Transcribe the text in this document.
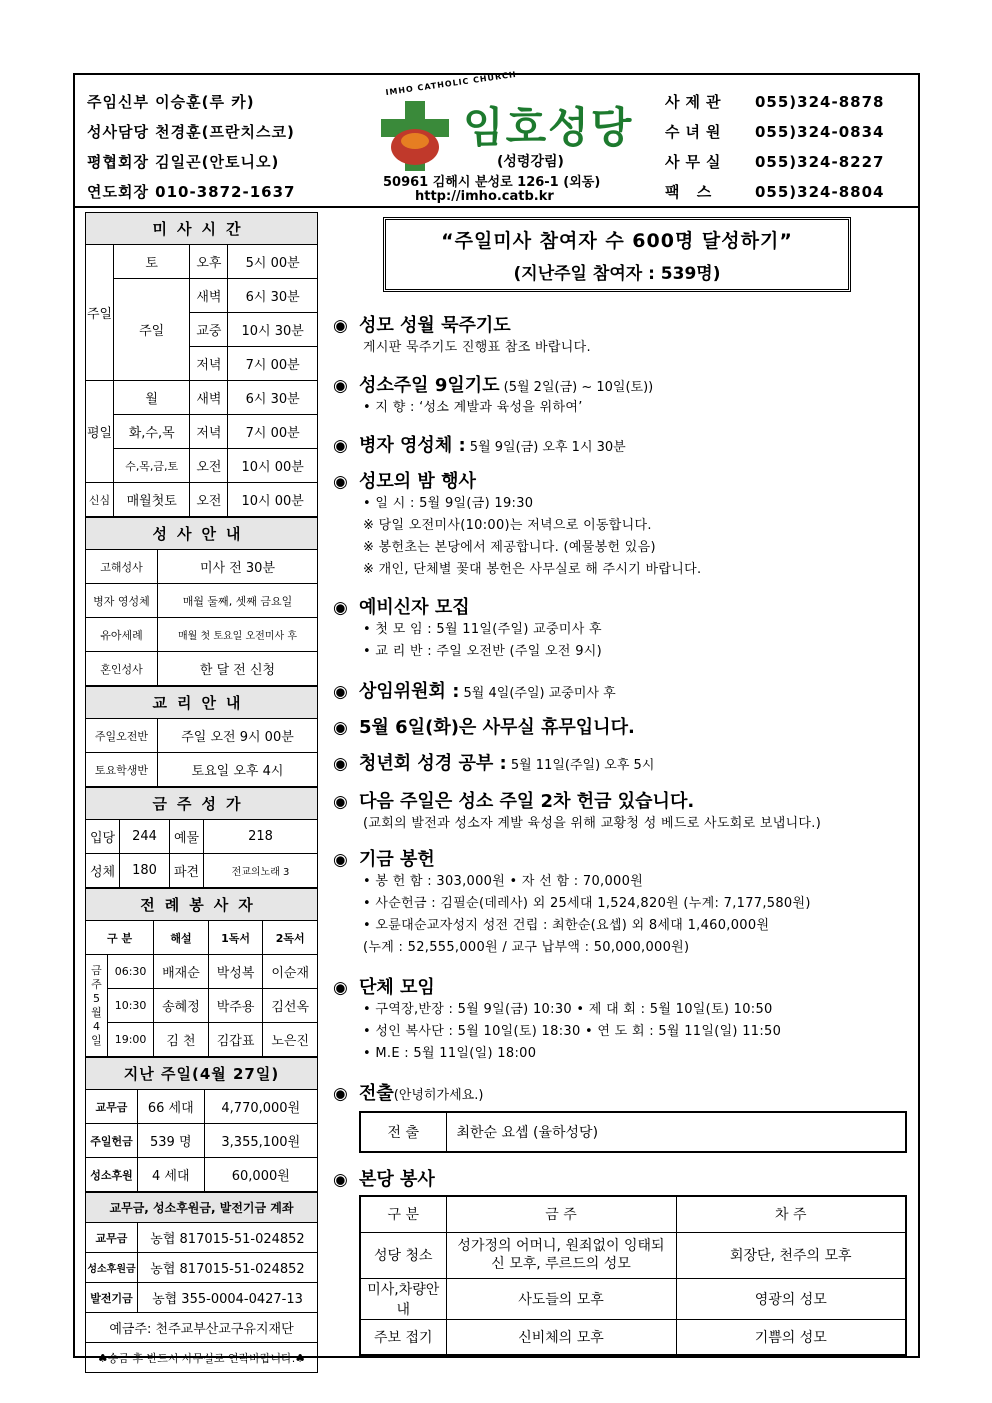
주임신부 이승훈(루 카)
성사담당 천경훈(프란치스코)
평협회장 김일곤(안토니오)
연도회장 010-3872-1637
IMHO CATHOLIC CHURCH
임호성당
(성령강림)
50961 김해시 분성로 126-1 (외동)
http://imho.catb.kr
사제관 055)324-8878
수녀원 055)324-0834
사무실 055)324-8227
팩 스	055)324-8804
미사시간			
주일	토	오후	5시 00분
	주일	새벽	6시 30분
		교중	10시 30분
		저녁	7시 00분
평일	월	새벽	6시 30분
	화,수,목	저녁	7시 00분
	수,목,금,토	오전	10시 00분
신심	매월첫토	오전	10시 00분
성사안내	
고해성사	미사 전 30분
병자 영성체	매월 둘째, 셋째 금요일
유아세례	매월 첫 토요일 오전미사 후
혼인성사	한 달 전 신청
교리안내	
주일오전반	주일 오전 9시 00분
토요학생반	토요일 오후 4시
금주성가			
입당	244	예물	218
성체	180	파견	전교의노래 3
전례봉사자				
구 분		해설	1독서	2독서

금주
5
월
4
일	06:30	배재순	박성복	이순재
	10:30	송혜정	박주용	김선옥
	19:00	김 천	김갑표	노은진
지난 주일(4월 27일)		
교무금	66 세대	4,770,000원
주일헌금	539 명	3,355,100원
성소후원	4 세대	60,000원
교무금, 성소후원금, 발전기금 계좌	
교무금	농협 817015-51-024852
성소후원금	농협 817015-51-024852
발전기금	농협 355-0004-0427-13
예금주: 천주교부산교구유지재단	
♣송금 후 반드시 사무실로 연락바랍니다.♣	
“주일미사 참여자 수 600명 달성하기”
(지난주일 참여자 : 539명)
◉ 성모 성월 묵주기도
게시판 묵주기도 진행표 참조 바랍니다.
◉ 성소주일 9일기도 (5월 2일(금) ~ 10일(토))
• 지 향 : ‘성소 계발과 육성을 위하여’
◉ 병자 영성체 : 5월 9일(금) 오후 1시 30분
◉ 성모의 밤 행사
• 일 시 : 5월 9일(금) 19:30
※ 당일 오전미사(10:00)는 저녁으로 이동합니다.
※ 봉헌초는 본당에서 제공합니다. (예물봉헌 있음)
※ 개인, 단체별 꽃대 봉헌은 사무실로 해 주시기 바랍니다.
◉ 예비신자 모집
• 첫 모 임 : 5월 11일(주일) 교중미사 후
• 교 리 반 : 주일 오전반 (주일 오전 9시)
◉ 상임위원회 : 5월 4일(주일) 교중미사 후
◉ 5월 6일(화)은 사무실 휴무입니다.
◉ 청년회 성경 공부 : 5월 11일(주일) 오후 5시
◉ 다음 주일은 성소 주일 2차 헌금 있습니다.
(교회의 발전과 성소자 계발 육성을 위해 교황청 성 베드로 사도회로 보냅니다.)
◉ 기금 봉헌
• 봉 헌 함 : 303,000원 • 자 선 함 : 70,000원
• 사순헌금 : 김필순(데레사) 외 25세대 1,524,820원 (누계: 7,177,580원)
• 오륜대순교자성지 성전 건립 : 최한순(요셉) 외 8세대 1,460,000원
(누계 : 52,555,000원 / 교구 납부액 : 50,000,000원)
◉ 단체 모임
• 구역장,반장 : 5월 9일(금) 10:30 • 제 대 회 : 5월 10일(토) 10:50
• 성인 복사단 : 5월 10일(토) 18:30 • 연 도 회 : 5월 11일(일) 11:50
• M.E : 5월 11일(일) 18:00
◉ 전출(안녕히가세요.)
전 출	최한순 요셉 (율하성당)
◉ 본당 봉사
구 분	금 주	차 주
성당 청소	성가정의 어머니, 원죄없이 잉태되신 모후, 루르드의 성모	회장단, 천주의 모후
미사,차량안내	사도들의 모후	영광의 성모
주보 접기	신비체의 모후	기쁨의 성모
